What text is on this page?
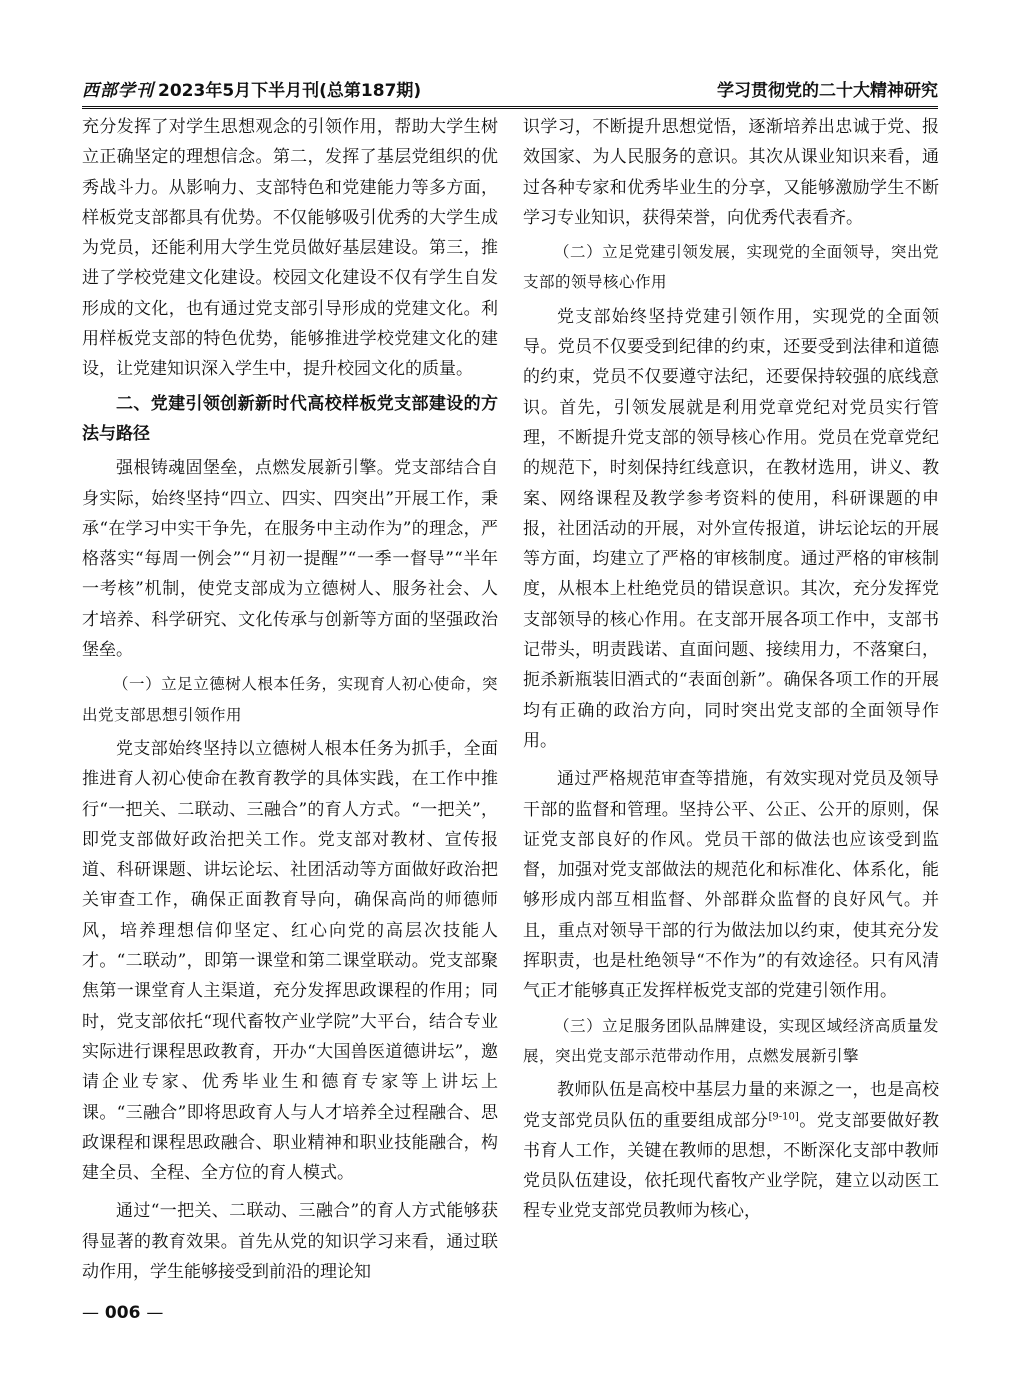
西部学刊 2023年5月下半月刊(总第187期)	学习贯彻党的二十大精神研究

充分发挥了对学生思想观念的引领作用，帮助大学生树立正确坚定的理想信念。第二，发挥了基层党组织的优秀战斗力。从影响力、支部特色和党建能力等多方面，样板党支部都具有优势。不仅能够吸引优秀的大学生成为党员，还能利用大学生党员做好基层建设。第三，推进了学校党建文化建设。校园文化建设不仅有学生自发形成的文化，也有通过党支部引导形成的党建文化。利用样板党支部的特色优势，能够推进学校党建文化的建设，让党建知识深入学生中，提升校园文化的质量。

二、党建引领创新新时代高校样板党支部建设的方法与路径

强根铸魂固堡垒，点燃发展新引擎。党支部结合自身实际，始终坚持“四立、四实、四突出”开展工作，秉承“在学习中实干争先，在服务中主动作为”的理念，严格落实“每周一例会”“月初一提醒”“一季一督导”“半年一考核”机制，使党支部成为立德树人、服务社会、人才培养、科学研究、文化传承与创新等方面的坚强政治堡垒。

（一）立足立德树人根本任务，实现育人初心使命，突出党支部思想引领作用

党支部始终坚持以立德树人根本任务为抓手，全面推进育人初心使命在教育教学的具体实践，在工作中推行“一把关、二联动、三融合”的育人方式。“一把关”，即党支部做好政治把关工作。党支部对教材、宣传报道、科研课题、讲坛论坛、社团活动等方面做好政治把关审查工作，确保正面教育导向，确保高尚的师德师风，培养理想信仰坚定、红心向党的高层次技能人才。“二联动”，即第一课堂和第二课堂联动。党支部聚焦第一课堂育人主渠道，充分发挥思政课程的作用；同时，党支部依托“现代畜牧产业学院”大平台，结合专业实际进行课程思政教育，开办“大国兽医道德讲坛”，邀请企业专家、优秀毕业生和德育专家等上讲坛上课。“三融合”即将思政育人与人才培养全过程融合、思政课程和课程思政融合、职业精神和职业技能融合，构建全员、全程、全方位的育人模式。

通过“一把关、二联动、三融合”的育人方式能够获得显著的教育效果。首先从党的知识学习来看，通过联动作用，学生能够接受到前沿的理论知

识学习，不断提升思想觉悟，逐渐培养出忠诚于党、报效国家、为人民服务的意识。其次从课业知识来看，通过各种专家和优秀毕业生的分享，又能够激励学生不断学习专业知识，获得荣誉，向优秀代表看齐。

（二）立足党建引领发展，实现党的全面领导，突出党支部的领导核心作用

党支部始终坚持党建引领作用，实现党的全面领导。党员不仅要受到纪律的约束，还要受到法律和道德的约束，党员不仅要遵守法纪，还要保持较强的底线意识。首先，引领发展就是利用党章党纪对党员实行管理，不断提升党支部的领导核心作用。党员在党章党纪的规范下，时刻保持红线意识，在教材选用，讲义、教案、网络课程及教学参考资料的使用，科研课题的申报，社团活动的开展，对外宣传报道，讲坛论坛的开展等方面，均建立了严格的审核制度。通过严格的审核制度，从根本上杜绝党员的错误意识。其次，充分发挥党支部领导的核心作用。在支部开展各项工作中，支部书记带头，明责践诺、直面问题、接续用力，不落窠臼，扼杀新瓶装旧酒式的“表面创新”。确保各项工作的开展均有正确的政治方向，同时突出党支部的全面领导作用。

通过严格规范审查等措施，有效实现对党员及领导干部的监督和管理。坚持公平、公正、公开的原则，保证党支部良好的作风。党员干部的做法也应该受到监督，加强对党支部做法的规范化和标准化、体系化，能够形成内部互相监督、外部群众监督的良好风气。并且，重点对领导干部的行为做法加以约束，使其充分发挥职责，也是杜绝领导“不作为”的有效途径。只有风清气正才能够真正发挥样板党支部的党建引领作用。

（三）立足服务团队品牌建设，实现区域经济高质量发展，突出党支部示范带动作用，点燃发展新引擎

教师队伍是高校中基层力量的来源之一，也是高校党支部党员队伍的重要组成部分[9-10]。党支部要做好教书育人工作，关键在教师的思想，不断深化支部中教师党员队伍建设，依托现代畜牧产业学院，建立以动医工程专业党支部党员教师为核心，

— 006 —
